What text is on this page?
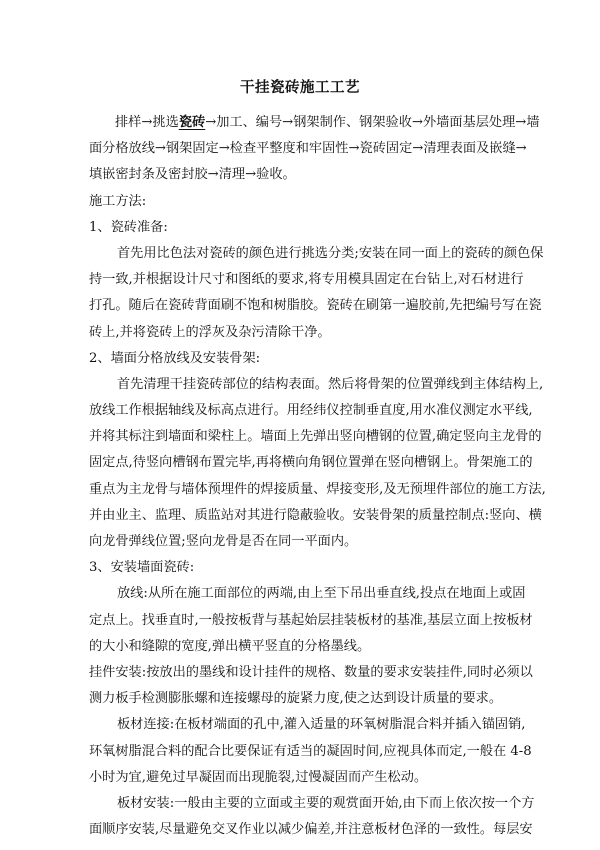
干挂瓷砖施工工艺
排样→挑选瓷砖→加工、编号→钢架制作、钢架验收→外墙面基层处理→墙
面分格放线→钢架固定→检查平整度和牢固性→瓷砖固定→清理表面及嵌缝→
填嵌密封条及密封胶→清理→验收。
施工方法:
1、瓷砖准备:
首先用比色法对瓷砖的颜色进行挑选分类;安装在同一面上的瓷砖的颜色保
持一致,并根据设计尺寸和图纸的要求,将专用模具固定在台钻上,对石材进行
打孔。随后在瓷砖背面刷不饱和树脂胶。瓷砖在刷第一遍胶前,先把编号写在瓷
砖上,并将瓷砖上的浮灰及杂污清除干净。
2、墙面分格放线及安装骨架:
首先清理干挂瓷砖部位的结构表面。然后将骨架的位置弹线到主体结构上,
放线工作根据轴线及标高点进行。用经纬仪控制垂直度,用水准仪测定水平线,
并将其标注到墙面和梁柱上。墙面上先弹出竖向槽钢的位置,确定竖向主龙骨的
固定点,待竖向槽钢布置完毕,再将横向角钢位置弹在竖向槽钢上。骨架施工的
重点为主龙骨与墙体预埋件的焊接质量、焊接变形,及无预埋件部位的施工方法,
并由业主、监理、质监站对其进行隐蔽验收。安装骨架的质量控制点:竖向、横
向龙骨弹线位置;竖向龙骨是否在同一平面内。
3、安装墙面瓷砖:
放线:从所在施工面部位的两端,由上至下吊出垂直线,投点在地面上或固
定点上。找垂直时,一般按板背与基起始层挂装板材的基准,基层立面上按板材
的大小和缝隙的宽度,弹出横平竖直的分格墨线。
挂件安装:按放出的墨线和设计挂件的规格、数量的要求安装挂件,同时必须以
测力板手检测膨胀螺和连接螺母的旋紧力度,使之达到设计质量的要求。
板材连接:在板材端面的孔中,灌入适量的环氧树脂混合料并插入锚固销,
环氧树脂混合料的配合比要保证有适当的凝固时间,应视具体而定,一般在 4-8
小时为宜,避免过早凝固而出现脆裂,过慢凝固而产生松动。
板材安装:一般由主要的立面或主要的观赏面开始,由下而上依次按一个方
面顺序安装,尽量避免交叉作业以减少偏差,并注意板材色泽的一致性。每层安
